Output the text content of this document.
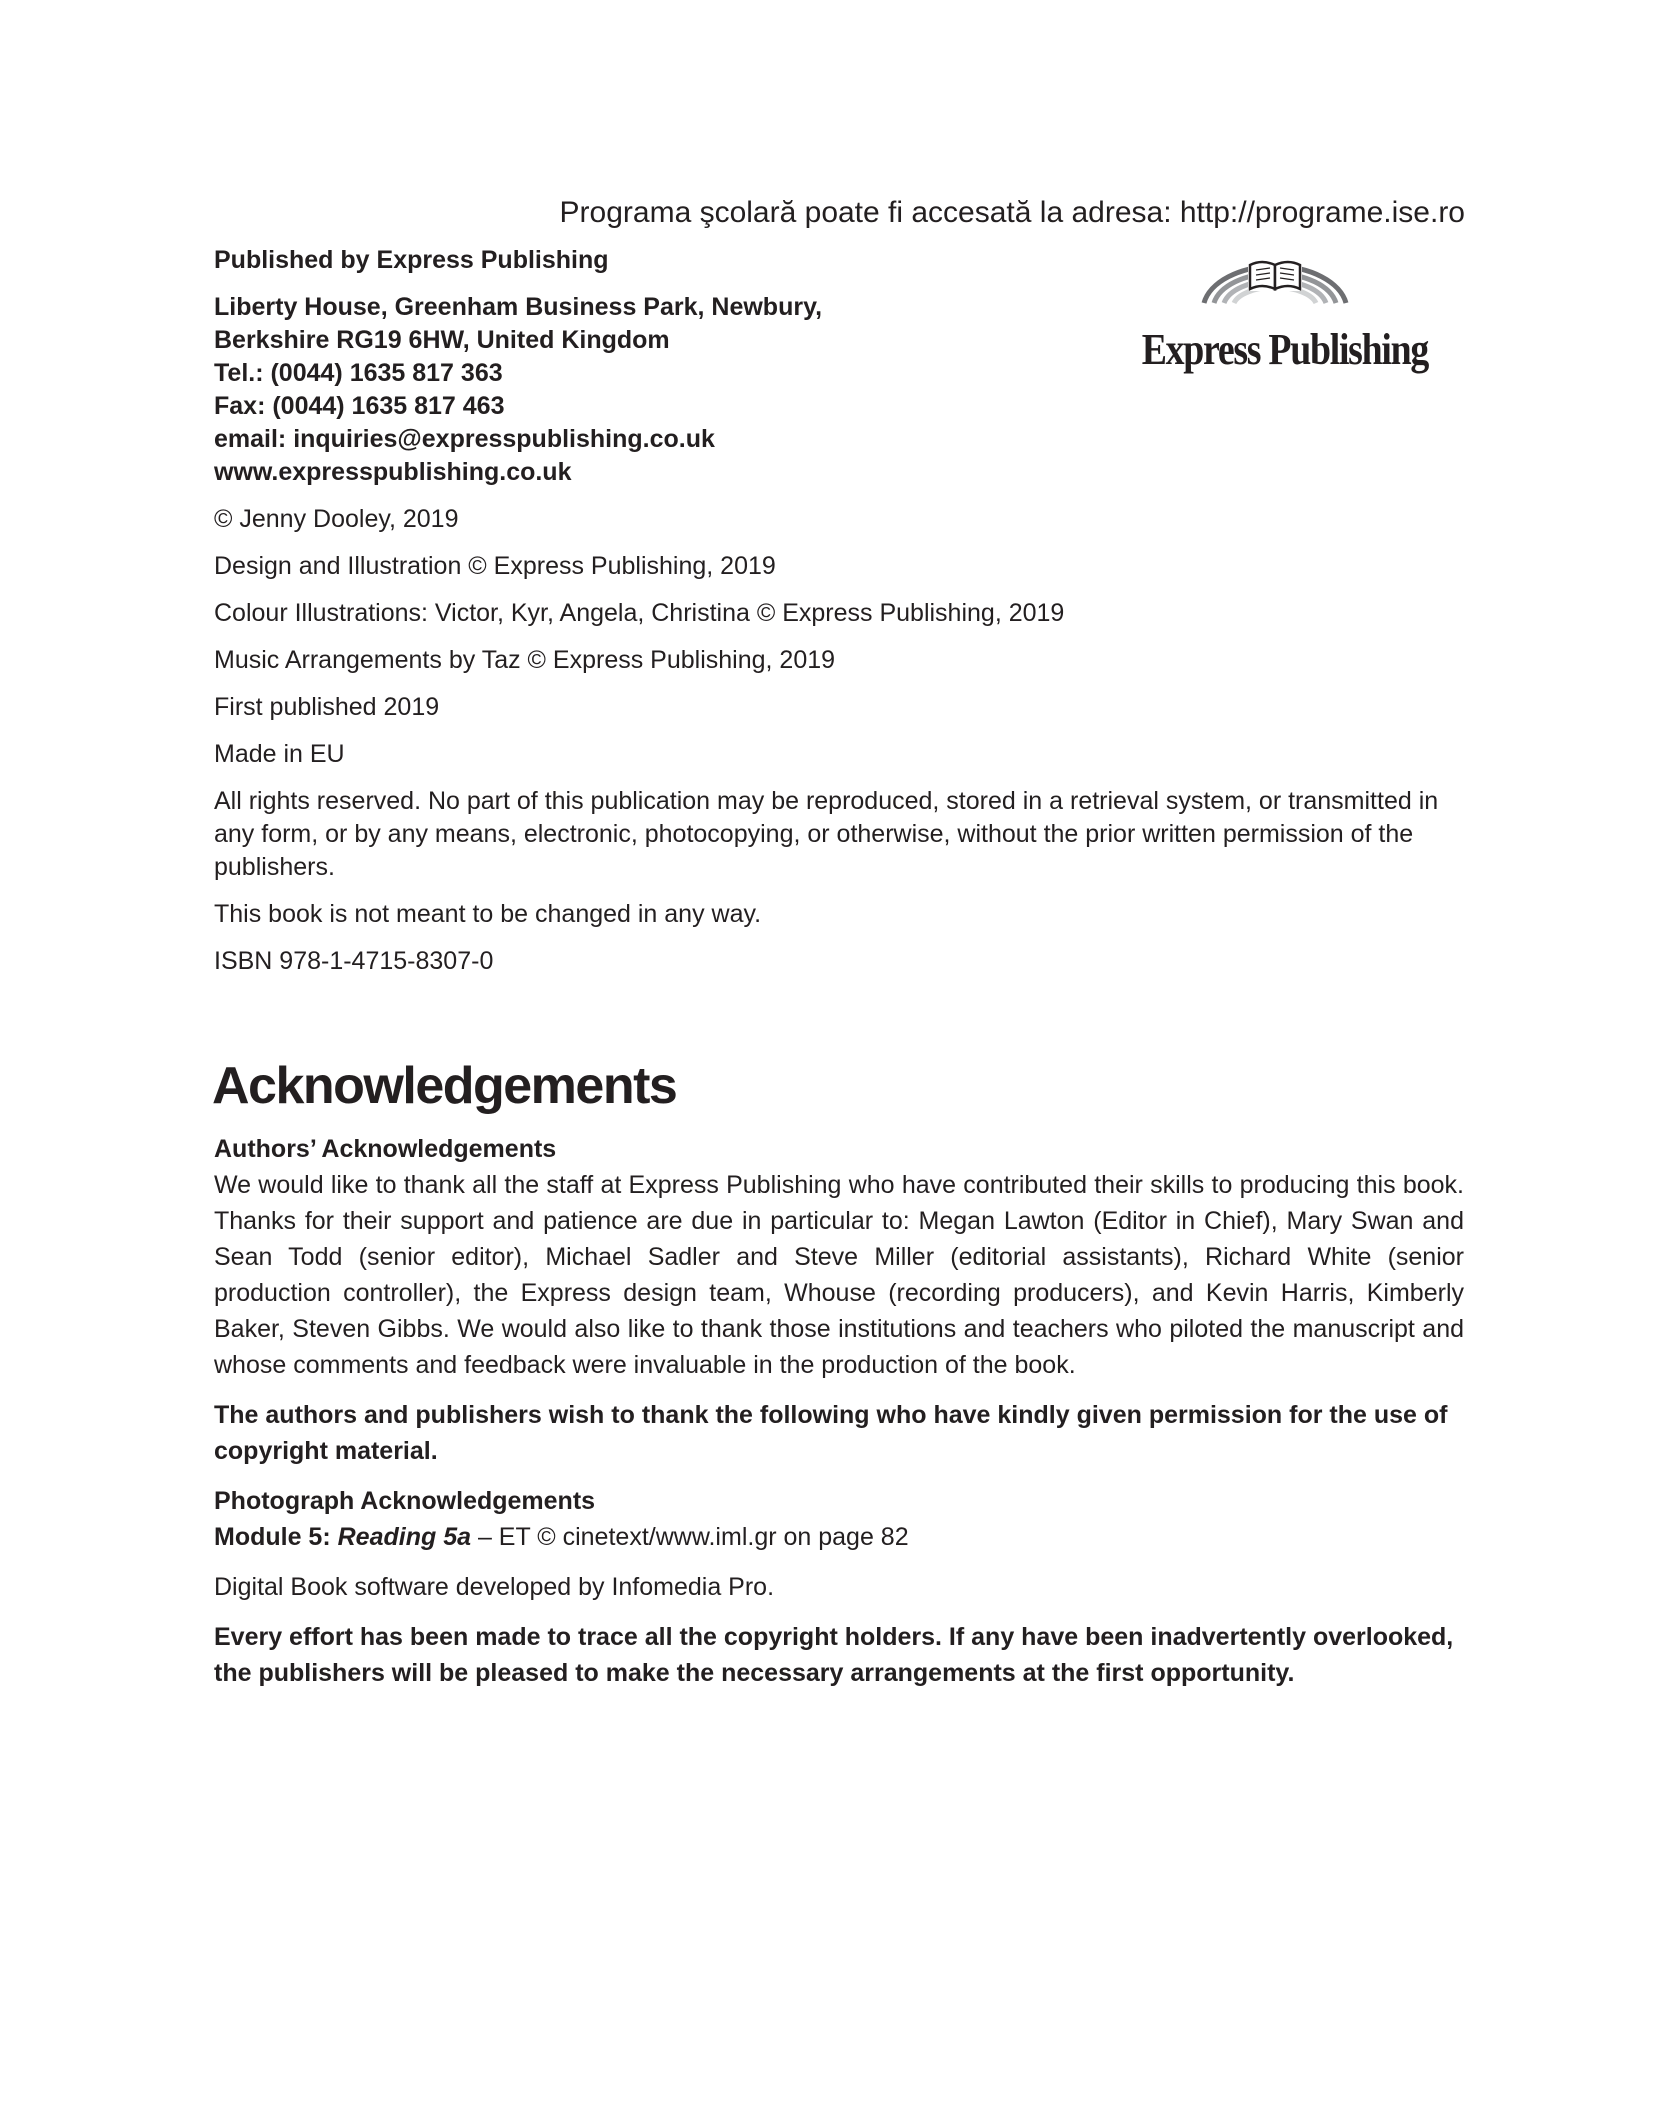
Programa şcolară poate fi accesată la adresa: http://programe.ise.ro

Published by Express Publishing

Liberty House, Greenham Business Park, Newbury,

Berkshire RG19 6HW, United Kingdom

Tel.: (0044) 1635 817 363

Fax: (0044) 1635 817 463

email: inquiries@expresspublishing.co.uk

www.expresspublishing.co.uk

Express Publishing

© Jenny Dooley, 2019

Design and Illustration © Express Publishing, 2019

Colour Illustrations: Victor, Kyr, Angela, Christina © Express Publishing, 2019

Music Arrangements by Taz © Express Publishing, 2019

First published 2019

Made in EU

All rights reserved. No part of this publication may be reproduced, stored in a retrieval system, or transmitted in any form, or by any means, electronic, photocopying, or otherwise, without the prior written permission of the publishers.

This book is not meant to be changed in any way.

ISBN 978-1-4715-8307-0

Acknowledgements

Authors’ Acknowledgements

We would like to thank all the staff at Express Publishing who have contributed their skills to producing this book. Thanks for their support and patience are due in particular to: Megan Lawton (Editor in Chief), Mary Swan and Sean Todd (senior editor), Michael Sadler and Steve Miller (editorial assistants), Richard White (senior production controller), the Express design team, Whouse (recording producers), and Kevin Harris, Kimberly Baker, Steven Gibbs. We would also like to thank those institutions and teachers who piloted the manuscript and whose comments and feedback were invaluable in the production of the book.

The authors and publishers wish to thank the following who have kindly given permission for the use of copyright material.

Photograph Acknowledgements

Module 5: Reading 5a – ET © cinetext/www.iml.gr on page 82

Digital Book software developed by Infomedia Pro.

Every effort has been made to trace all the copyright holders. If any have been inadvertently overlooked, the publishers will be pleased to make the necessary arrangements at the first opportunity.
